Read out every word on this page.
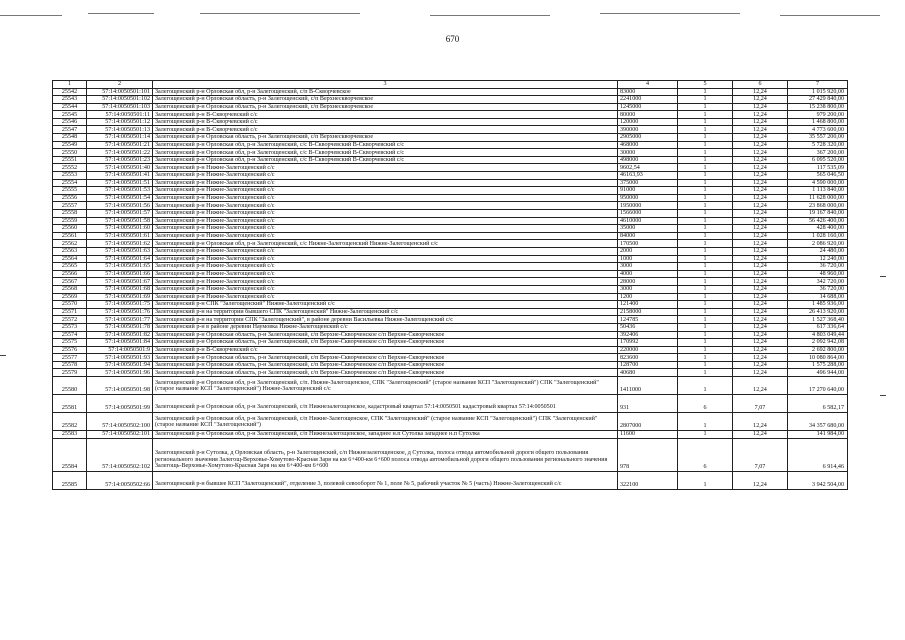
670
1	2	3	4	5	6	7
25542	57:14:0050501:101	Залегощенский р-н Орловская обл, р-н Залегощенский, с/п В-Скворчевское	83000	1	12,24	1 015 920,00
25543	57:14:0050501:102	Залегощенский р-н Орловская область, р-н Залегощенский, с/п Верхнескворчевское	2241000	1	12,24	27 429 840,00
25544	57:14:0050501:103	Залегощенский р-н Орловская область, р-н Залегощенский, с/п Верхнескворчевское	1245000	1	12,24	15 238 800,00
25545	57:14:0050501:11	Залегощенский р-н В-Скворчевский с/с	80000	1	12,24	979 200,00
25546	57:14:0050501:12	Залегощенский р-н В-Скворчевский с/с	120000	1	12,24	1 468 800,00
25547	57:14:0050501:13	Залегощенский р-н В-Скворчевский с/с	390000	1	12,24	4 773 600,00
25548	57:14:0050501:14	Залегощенский р-н Орловская область, р-н Залегощенский, с/п Верхнескворчевское	2905000	1	12,24	35 557 200,00
25549	57:14:0050501:21	Залегощенский р-н Орловская обл, р-н Залегощенский, с/с В-Скворчевский В-Скворчевский с/с	468000	1	12,24	5 728 320,00
25550	57:14:0050501:22	Залегощенский р-н Орловская обл, р-н Залегощенский, с/с В-Скворчевский В-Скворчевский с/с	30000	1	12,24	367 200,00
25551	57:14:0050501:23	Залегощенский р-н Орловская обл, р-н Залегощенский, с/с В-Скворчевский В-Скворчевский с/с	498000	1	12,24	6 095 520,00
25552	57:14:0050501:40	Залегощенский р-н Нижне-Залегощенский с/с	9602,54	1	12,24	117 535,09
25553	57:14:0050501:41	Залегощенский р-н Нижне-Залегощенский с/с	46163,93	1	12,24	565 046,50
25554	57:14:0050501:51	Залегощенский р-н Нижне-Залегощенский с/с	375000	1	12,24	4 590 000,00
25555	57:14:0050501:53	Залегощенский р-н Нижне-Залегощенский с/с	91000	1	12,24	1 113 840,00
25556	57:14:0050501:54	Залегощенский р-н Нижне-Залегощенский с/с	950000	1	12,24	11 628 000,00
25557	57:14:0050501:56	Залегощенский р-н Нижне-Залегощенский с/с	1950000	1	12,24	23 868 000,00
25558	57:14:0050501:57	Залегощенский р-н Нижне-Залегощенский с/с	1566000	1	12,24	19 167 840,00
25559	57:14:0050501:58	Залегощенский р-н Нижне-Залегощенский с/с	4610000	1	12,24	56 426 400,00
25560	57:14:0050501:60	Залегощенский р-н Нижне-Залегощенский с/с	35000	1	12,24	428 400,00
25561	57:14:0050501:61	Залегощенский р-н Нижне-Залегощенский с/с	84000	1	12,24	1 028 160,00
25562	57:14:0050501:62	Залегощенский р-н Орловская обл, р-н Залегощенский, с/с Нижне-Залегощенский Нижне-Залегощенский с/с	170500	1	12,24	2 086 920,00
25563	57:14:0050501:63	Залегощенский р-н Нижне-Залегощенский с/с	2000	1	12,24	24 480,00
25564	57:14:0050501:64	Залегощенский р-н Нижне-Залегощенский с/с	1000	1	12,24	12 240,00
25565	57:14:0050501:65	Залегощенский р-н Нижне-Залегощенский с/с	3000	1	12,24	36 720,00
25566	57:14:0050501:66	Залегощенский р-н Нижне-Залегощенский с/с	4000	1	12,24	48 960,00
25567	57:14:0050501:67	Залегощенский р-н Нижне-Залегощенский с/с	28000	1	12,24	342 720,00
25568	57:14:0050501:68	Залегощенский р-н Нижне-Залегощенский с/с	3000	1	12,24	36 720,00
25569	57:14:0050501:69	Залегощенский р-н Нижне-Залегощенский с/с	1200	1	12,24	14 688,00
25570	57:14:0050501:75	Залегощенский р-н СПК "Залегощенский" Нижне-Залегощенский с/с	121400	1	12,24	1 485 936,00
25571	57:14:0050501:76	Залегощенский р-н на территории бывшего СПК "Залегощенский" Нижне-Залегощенский с/с	2158000	1	12,24	26 413 920,00
25572	57:14:0050501:77	Залегощенский р-н на территории СПК "Залегощенский", в районе деревни Васильевка Нижне-Залегощенский с/с	124785	1	12,24	1 527 368,40
25573	57:14:0050501:78	Залегощенский р-н в районе деревни Наумовка Нижне-Залегощенский с/с	50436	1	12,24	617 336,64
25574	57:14:0050501:82	Залегощенский р-н Орловская область, р-н Залегощенский, с/п Верхне-Скворченское с/п Верхне-Скворченское	392406	1	12,24	4 803 049,44
25575	57:14:0050501:84	Залегощенский р-н Орловская область, р-н Залегощенский, с/п Верхне-Скворченское с/п Верхне-Скворченское	170992	1	12,24	2 092 942,08
25576	57:14:0050501:9	Залегощенский р-н В-Скворчевский с/с	220000	1	12,24	2 692 800,00
25577	57:14:0050501:93	Залегощенский р-н Орловская область, р-н Залегощенский, с/п Верхне-Скворченское с/п Верхне-Скворченское	823600	1	12,24	10 080 864,00
25578	57:14:0050501:94	Залегощенский р-н Орловская область, р-н Залегощенский, с/п Верхне-Скворченское с/п Верхне-Скворченское	128700	1	12,24	1 575 288,00
25579	57:14:0050501:96	Залегощенский р-н Орловская область, р-н Залегощенский, с/п Верхне-Скворченское с/п Верхне-Скворченское	40680	1	12,24	496 944,00
25580	57:14:0050501:98	Залегощенский р-н Орловская обл, р-н Залегощенский, с/п. Нижне-Залегощенское, СПК "Залегощенский" (старое название КСП "Залегощенский") СПК "Залегощенский" (старое название КСП "Залегощенский") Нижне-Залегощенский с/с	1411000	1	12,24	17 270 640,00
25581	57:14:0050501:99	Залегощенский р-н Орловская обл, р-н Залегощенский, с/п Нижнезалегощенское, кадастровый квартал 57:14:0050501 кадастровый квартал 57:14:0050501	931	6	7,07	6 582,17
25582	57:14:0050502:100	Залегощенский р-н Орловская обл, р-н Залегощенский, с/п Нижне-Залегощенское, СПК "Залегощенский" (старое название КСП "Залегощенский") СПК "Залегощенский" (старое название КСП "Залегощенский")	2807000	1	12,24	34 357 680,00
25583	57:14:0050502:101	Залегощенский р-н Орловская обл, р-н Залегощенский, с/п Нижнезалегощенское, западнее н.п Сутолка западнее н.п Сутолка	11600	1	12,24	141 984,00
25584	57:14:0050502:102	Залегощенский р-н Сутолка, д Орловская область, р-н Залегощенский, с/п Нижнезалегощенское, д Сутолка, полоса отвода автомобильной дороги общего пользования регионального значения Залегощ-Верховье-Хомутово-Красная Заря на км 6+400-км 6+600 полоса отвода автомобильной дороги общего пользования регионального значения Залегощь-Верховье-Хомутово-Красная Заря на км 6+400-км 6+600	978	6	7,07	6 914,46
25585	57:14:0050502:66	Залегощенский р-н бывшее КСП "Залегощенский", отделение 3, полевой севооборот № 1, поле № 5, рабочий участок № 5 (часть) Нижне-Залегощенский с/с	322100	1	12,24	3 942 504,00
